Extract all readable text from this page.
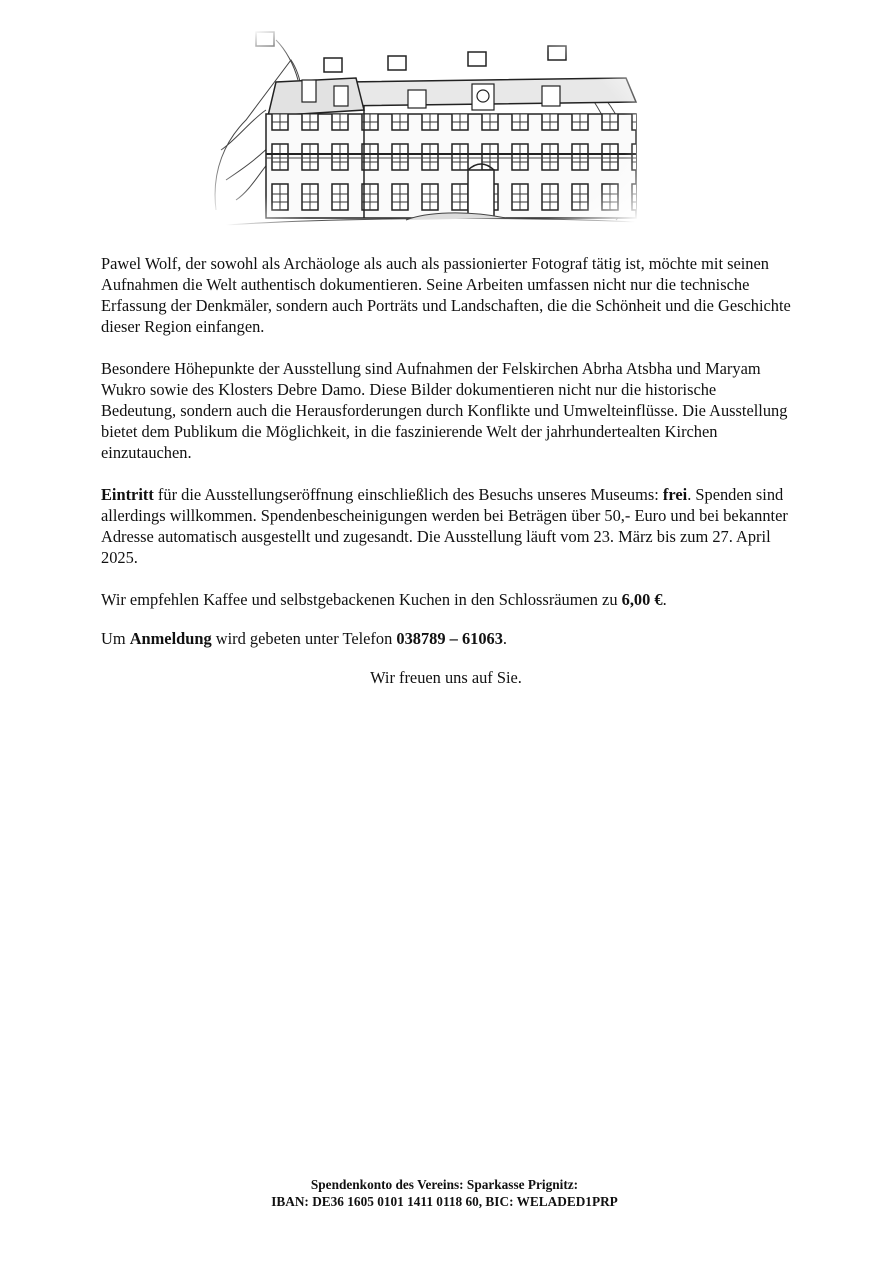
Pawel Wolf, der sowohl als Archäologe als auch als passionierter Fotograf tätig ist, möchte mit seinen Aufnahmen die Welt authentisch dokumentieren. Seine Arbeiten umfassen nicht nur die technische Erfassung der Denkmäler, sondern auch Porträts und Landschaften, die die Schönheit und die Geschichte dieser Region einfangen.

Besondere Höhepunkte der Ausstellung sind Aufnahmen der Felskirchen Abrha Atsbha und Maryam Wukro sowie des Klosters Debre Damo. Diese Bilder dokumentieren nicht nur die historische Bedeutung, sondern auch die Herausforderungen durch Konflikte und Umwelteinflüsse. Die Ausstellung bietet dem Publikum die Möglichkeit, in die faszinierende Welt der jahrhundertealten Kirchen einzutauchen.

Eintritt für die Ausstellungseröffnung einschließlich des Besuchs unseres Museums: frei. Spenden sind allerdings willkommen. Spendenbescheinigungen werden bei Beträgen über 50,- Euro und bei bekannter Adresse automatisch ausgestellt und zugesandt. Die Ausstellung läuft vom 23. März bis zum 27. April 2025.

Wir empfehlen Kaffee und selbstgebackenen Kuchen in den Schlossräumen zu 6,00 €.

Um Anmeldung wird gebeten unter Telefon 038789 – 61063.

Wir freuen uns auf Sie.

Spendenkonto des Vereins: Sparkasse Prignitz:
IBAN: DE36 1605 0101 1411 0118 60, BIC: WELADED1PRP
